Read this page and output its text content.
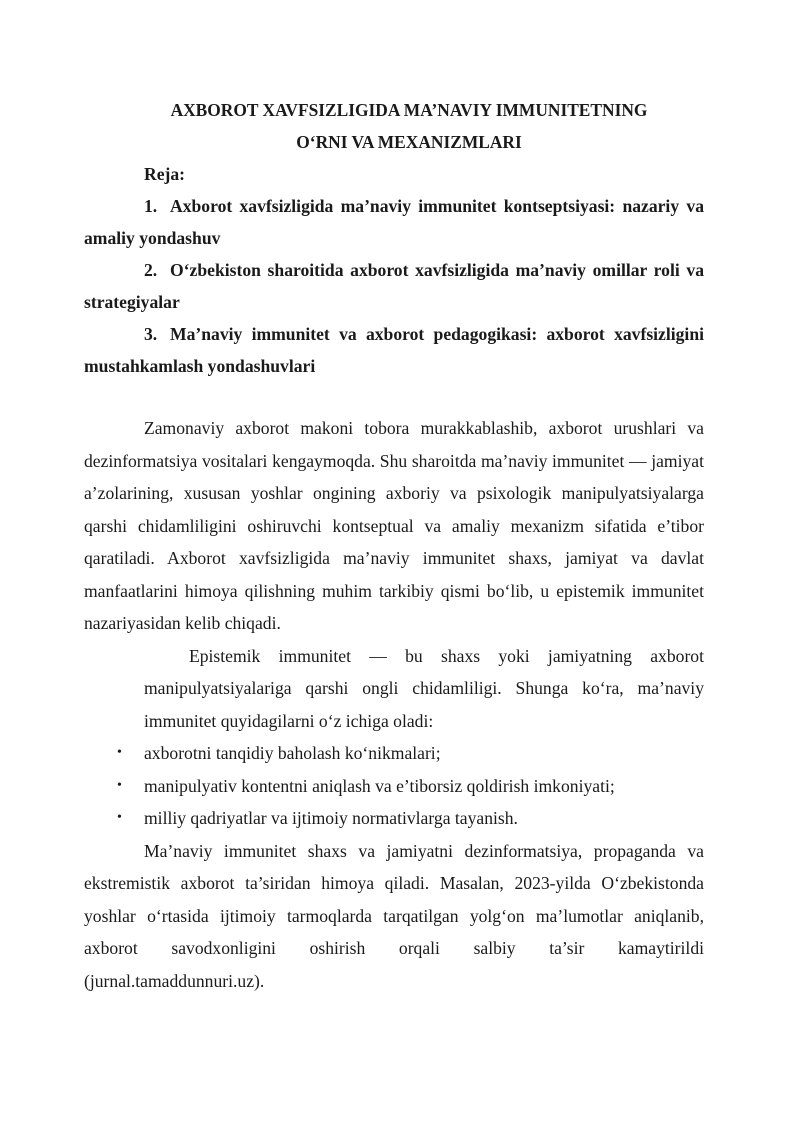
AXBOROT XAVFSIZLIGIDA MA’NAVIY IMMUNITETNING
O‘RNI VA MEXANIZMLARI
Reja:

1. Axborot xavfsizligida ma’naviy immunitet kontseptsiyasi: nazariy va amaliy yondashuv

2. O‘zbekiston sharoitida axborot xavfsizligida ma’naviy omillar roli va strategiyalar

3. Ma’naviy immunitet va axborot pedagogikasi: axborot xavfsizligini mustahkamlash yondashuvlari

Zamonaviy axborot makoni tobora murakkablashib, axborot urushlari va dezinformatsiya vositalari kengaymoqda. Shu sharoitda ma’naviy immunitet — jamiyat a’zolarining, xususan yoshlar ongining axboriy va psixologik manipulyatsiyalarga qarshi chidamliligini oshiruvchi kontseptual va amaliy mexanizm sifatida e’tibor qaratiladi. Axborot xavfsizligida ma’naviy immunitet shaxs, jamiyat va davlat manfaatlarini himoya qilishning muhim tarkibiy qismi bo‘lib, u epistemik immunitet nazariyasidan kelib chiqadi.

Epistemik immunitet — bu shaxs yoki jamiyatning axborot manipulyatsiyalariga qarshi ongli chidamliligi. Shunga ko‘ra, ma’naviy immunitet quyidagilarni o‘z ichiga oladi:

• axborotni tanqidiy baholash ko‘nikmalari;
• manipulyativ kontentni aniqlash va e’tiborsiz qoldirish imkoniyati;
• milliy qadriyatlar va ijtimoiy normativlarga tayanish.

Ma’naviy immunitet shaxs va jamiyatni dezinformatsiya, propaganda va ekstremistik axborot ta’siridan himoya qiladi. Masalan, 2023-yilda O‘zbekistonda yoshlar o‘rtasida ijtimoiy tarmoqlarda tarqatilgan yolg‘on ma’lumotlar aniqlanib, axborot savodxonligini oshirish orqali salbiy ta’sir kamaytirildi (jurnal.tamaddunnuri.uz).
